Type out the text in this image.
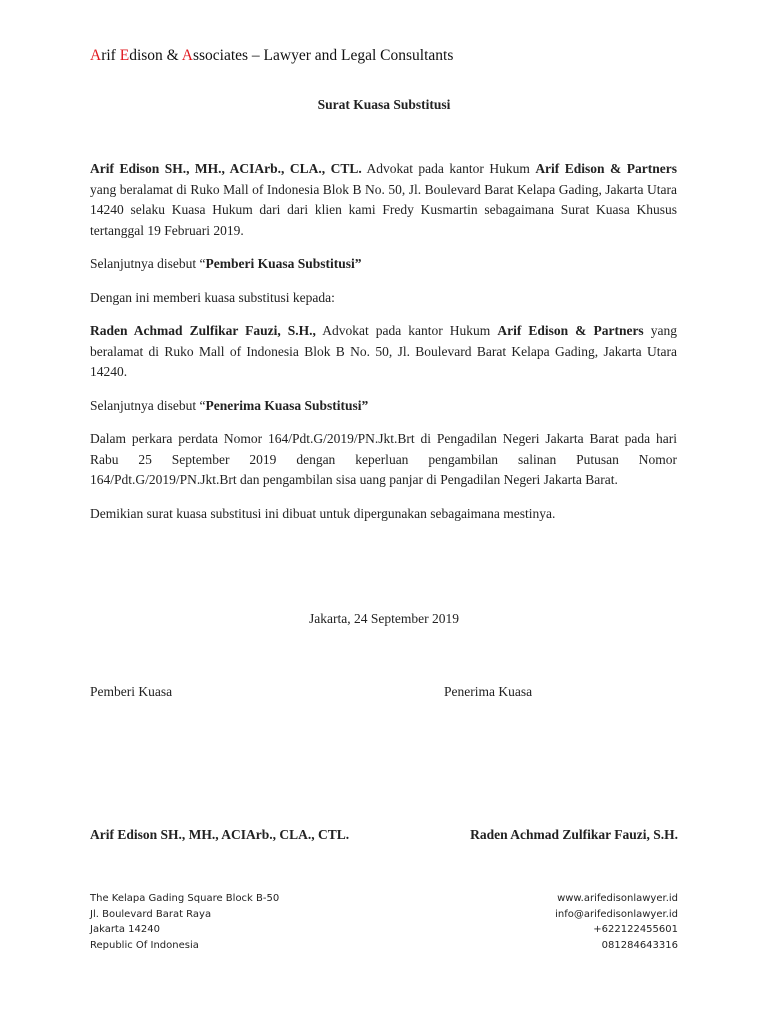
Arif Edison & Associates – Lawyer and Legal Consultants
Surat Kuasa Substitusi

Arif Edison SH., MH., ACIArb., CLA., CTL. Advokat pada kantor Hukum Arif Edison & Partners yang beralamat di Ruko Mall of Indonesia Blok B No. 50, Jl. Boulevard Barat Kelapa Gading, Jakarta Utara 14240 selaku Kuasa Hukum dari dari klien kami Fredy Kusmartin sebagaimana Surat Kuasa Khusus tertanggal 19 Februari 2019.

Selanjutnya disebut “Pemberi Kuasa Substitusi”

Dengan ini memberi kuasa substitusi kepada:

Raden Achmad Zulfikar Fauzi, S.H., Advokat pada kantor Hukum Arif Edison & Partners yang beralamat di Ruko Mall of Indonesia Blok B No. 50, Jl. Boulevard Barat Kelapa Gading, Jakarta Utara 14240.

Selanjutnya disebut “Penerima Kuasa Substitusi”

Dalam perkara perdata Nomor 164/Pdt.G/2019/PN.Jkt.Brt di Pengadilan Negeri Jakarta Barat pada hari Rabu 25 September 2019 dengan keperluan pengambilan salinan Putusan Nomor 164/Pdt.G/2019/PN.Jkt.Brt dan pengambilan sisa uang panjar di Pengadilan Negeri Jakarta Barat.

Demikian surat kuasa substitusi ini dibuat untuk dipergunakan sebagaimana mestinya.

Jakarta, 24 September 2019
Pemberi Kuasa	Penerima Kuasa
Arif Edison SH., MH., ACIArb., CLA., CTL.	Raden Achmad Zulfikar Fauzi, S.H.
The Kelapa Gading Square Block B-50
Jl. Boulevard Barat Raya
Jakarta 14240
Republic Of Indonesia
www.arifedisonlawyer.id
info@arifedisonlawyer.id
+622122455601
081284643316
